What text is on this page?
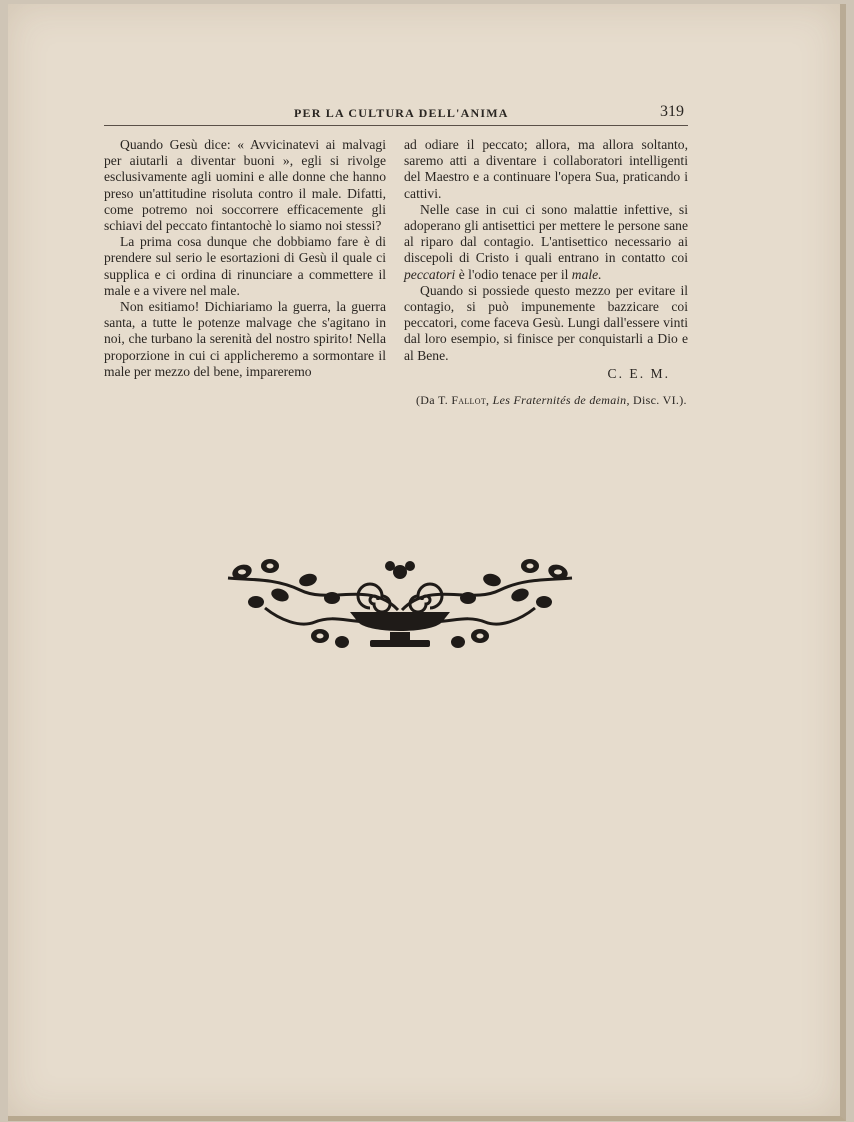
PER LA CULTURA DELL'ANIMA	319

Quando Gesù dice: « Avvicinatevi ai malvagi per aiutarli a diventar buoni », egli si rivolge esclusivamente agli uomini e alle donne che hanno preso un'attitudine risoluta contro il male. Difatti, come potremo noi soccorrere efficacemente gli schiavi del peccato fintantochè lo siamo noi stessi?

La prima cosa dunque che dobbiamo fare è di prendere sul serio le esortazioni di Gesù il quale ci supplica e ci ordina di rinunciare a commettere il male e a vivere nel male.

Non esitiamo! Dichiariamo la guerra, la guerra santa, a tutte le potenze malvage che s'agitano in noi, che turbano la serenità del nostro spirito! Nella proporzione in cui ci applicheremo a sormontare il male per mezzo del bene, impareremo

ad odiare il peccato; allora, ma allora soltanto, saremo atti a diventare i collaboratori intelligenti del Maestro e a continuare l'opera Sua, praticando i cattivi.

Nelle case in cui ci sono malattie infettive, si adoperano gli antisettici per mettere le persone sane al riparo dal contagio. L'antisettico necessario ai discepoli di Cristo i quali entrano in contatto coi peccatori è l'odio tenace per il male.

Quando si possiede questo mezzo per evitare il contagio, si può impunemente bazzicare coi peccatori, come faceva Gesù. Lungi dall'essere vinti dal loro esempio, si finisce per conquistarli a Dio e al Bene.

C. E. M.
(Da T. Fallot, Les Fraternités de demain, Disc. VI.).
